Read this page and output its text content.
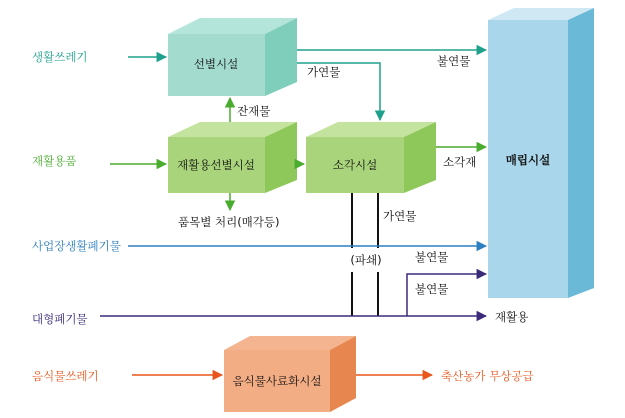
매립시설
선별시설
재활용선별시설	소각시설
음식물사료화시설
생활쓰레기
재활용품
사업장생활폐기물
대형폐기물
음식물쓰레기
불연물
가연물
잔재물
품목별 처리(매각등)
소각재
(파쇄)
가연물
재활용
불연물
불연물
축산농가 무상공급
